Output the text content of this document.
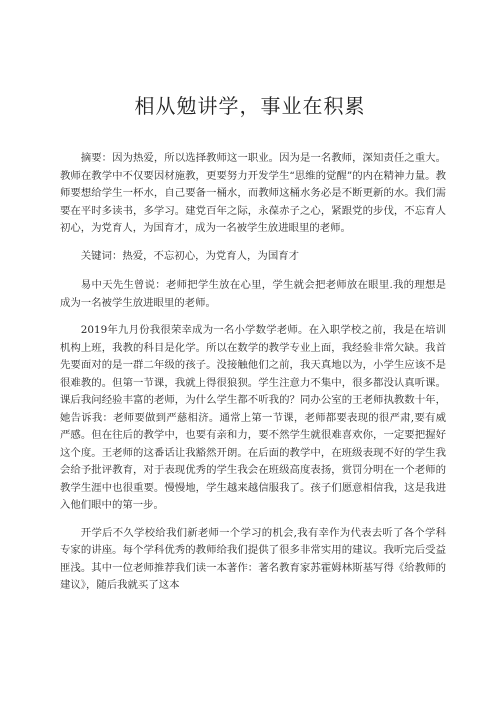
相从勉讲学，事业在积累

摘要：因为热爱，所以选择教师这一职业。因为是一名教师，深知责任之重大。教师在教学中不仅要因材施教，更要努力开发学生“思维的觉醒”的内在精神力量。教师要想给学生一杯水，自己要备一桶水，而教师这桶水务必是不断更新的水。我们需要在平时多读书，多学习。建党百年之际，永葆赤子之心，紧跟党的步伐，不忘育人初心，为党育人，为国育才，成为一名被学生放进眼里的老师。

关键词：热爱，不忘初心，为党育人，为国育才

易中天先生曾说：老师把学生放在心里，学生就会把老师放在眼里.我的理想是成为一名被学生放进眼里的老师。

2019年九月份我很荣幸成为一名小学数学老师。在入职学校之前，我是在培训机构上班，我教的科目是化学。所以在数学的教学专业上面，我经验非常欠缺。我首先要面对的是一群二年级的孩子。没接触他们之前，我天真地以为，小学生应该不是很难教的。但第一节课，我就上得很狼狈。学生注意力不集中，很多都没认真听课。课后我问经验丰富的老师，为什么学生都不听我的？同办公室的王老师执教数十年，她告诉我：老师要做到严慈相济。通常上第一节课，老师都要表现的很严肃,要有威严感。但在往后的教学中，也要有亲和力，要不然学生就很难喜欢你，一定要把握好这个度。王老师的这番话让我豁然开朗。在后面的教学中，在班级表现不好的学生我会给予批评教育，对于表现优秀的学生我会在班级高度表扬，赏罚分明在一个老师的教学生涯中也很重要。慢慢地，学生越来越信服我了。孩子们愿意相信我，这是我进入他们眼中的第一步。

开学后不久学校给我们新老师一个学习的机会,我有幸作为代表去听了各个学科专家的讲座。每个学科优秀的教师给我们提供了很多非常实用的建议。我听完后受益匪浅。其中一位老师推荐我们读一本著作：著名教育家苏霍姆林斯基写得《给教师的建议》，随后我就买了这本
